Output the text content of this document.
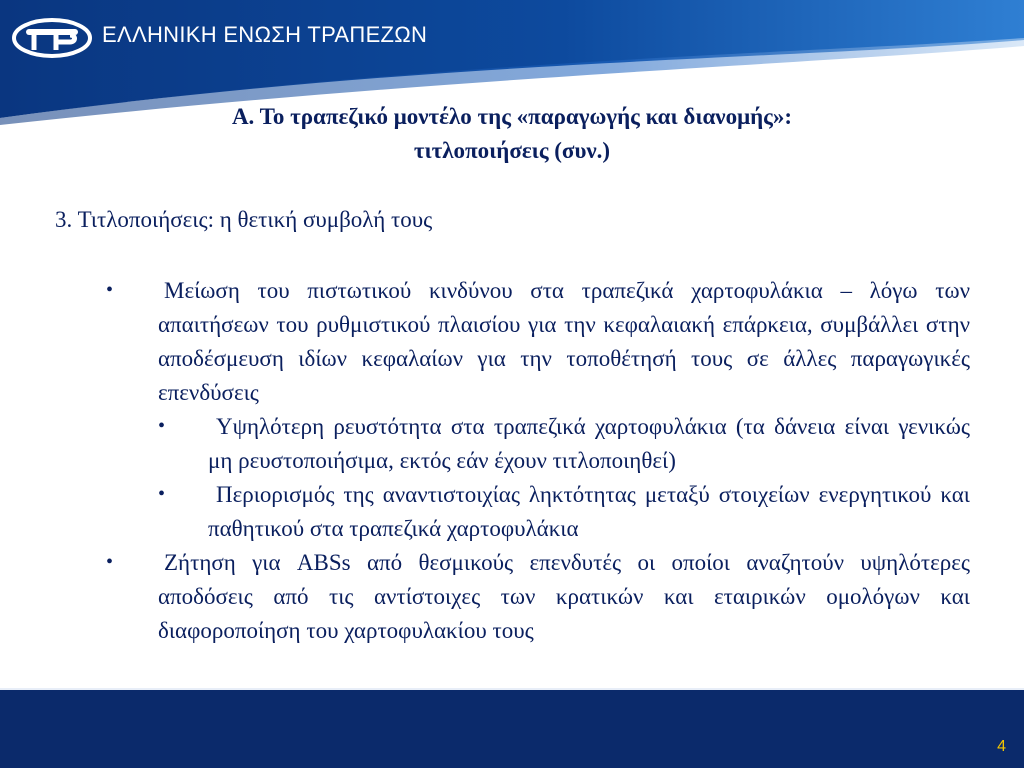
ΕΛΛΗΝΙΚΗ ΕΝΩΣΗ ΤΡΑΠΕΖΩΝ
Α. Το τραπεζικό μοντέλο της «παραγωγής και διανομής»:
τιτλοποιήσεις (συν.)
3. Τιτλοποιήσεις: η θετική συμβολή τους
• Μείωση του πιστωτικού κινδύνου στα τραπεζικά χαρτοφυλάκια – λόγω των απαιτήσεων του ρυθμιστικού πλαισίου για την κεφαλαιακή επάρκεια, συμβάλλει στην αποδέσμευση ιδίων κεφαλαίων για την τοποθέτησή τους σε άλλες παραγωγικές επενδύσεις
•	Υψηλότερη ρευστότητα στα τραπεζικά χαρτοφυλάκια (τα δάνεια είναι γενικώς μη ρευστοποιήσιμα, εκτός εάν έχουν τιτλοποιηθεί)
•	Περιορισμός της αναντιστοιχίας ληκτότητας μεταξύ στοιχείων ενεργητικού και παθητικού στα τραπεζικά χαρτοφυλάκια
• Ζήτηση για ABSs από θεσμικούς επενδυτές οι οποίοι αναζητούν υψηλότερες αποδόσεις από τις αντίστοιχες των κρατικών και εταιρικών ομολόγων και διαφοροποίηση του χαρτοφυλακίου τους
4
